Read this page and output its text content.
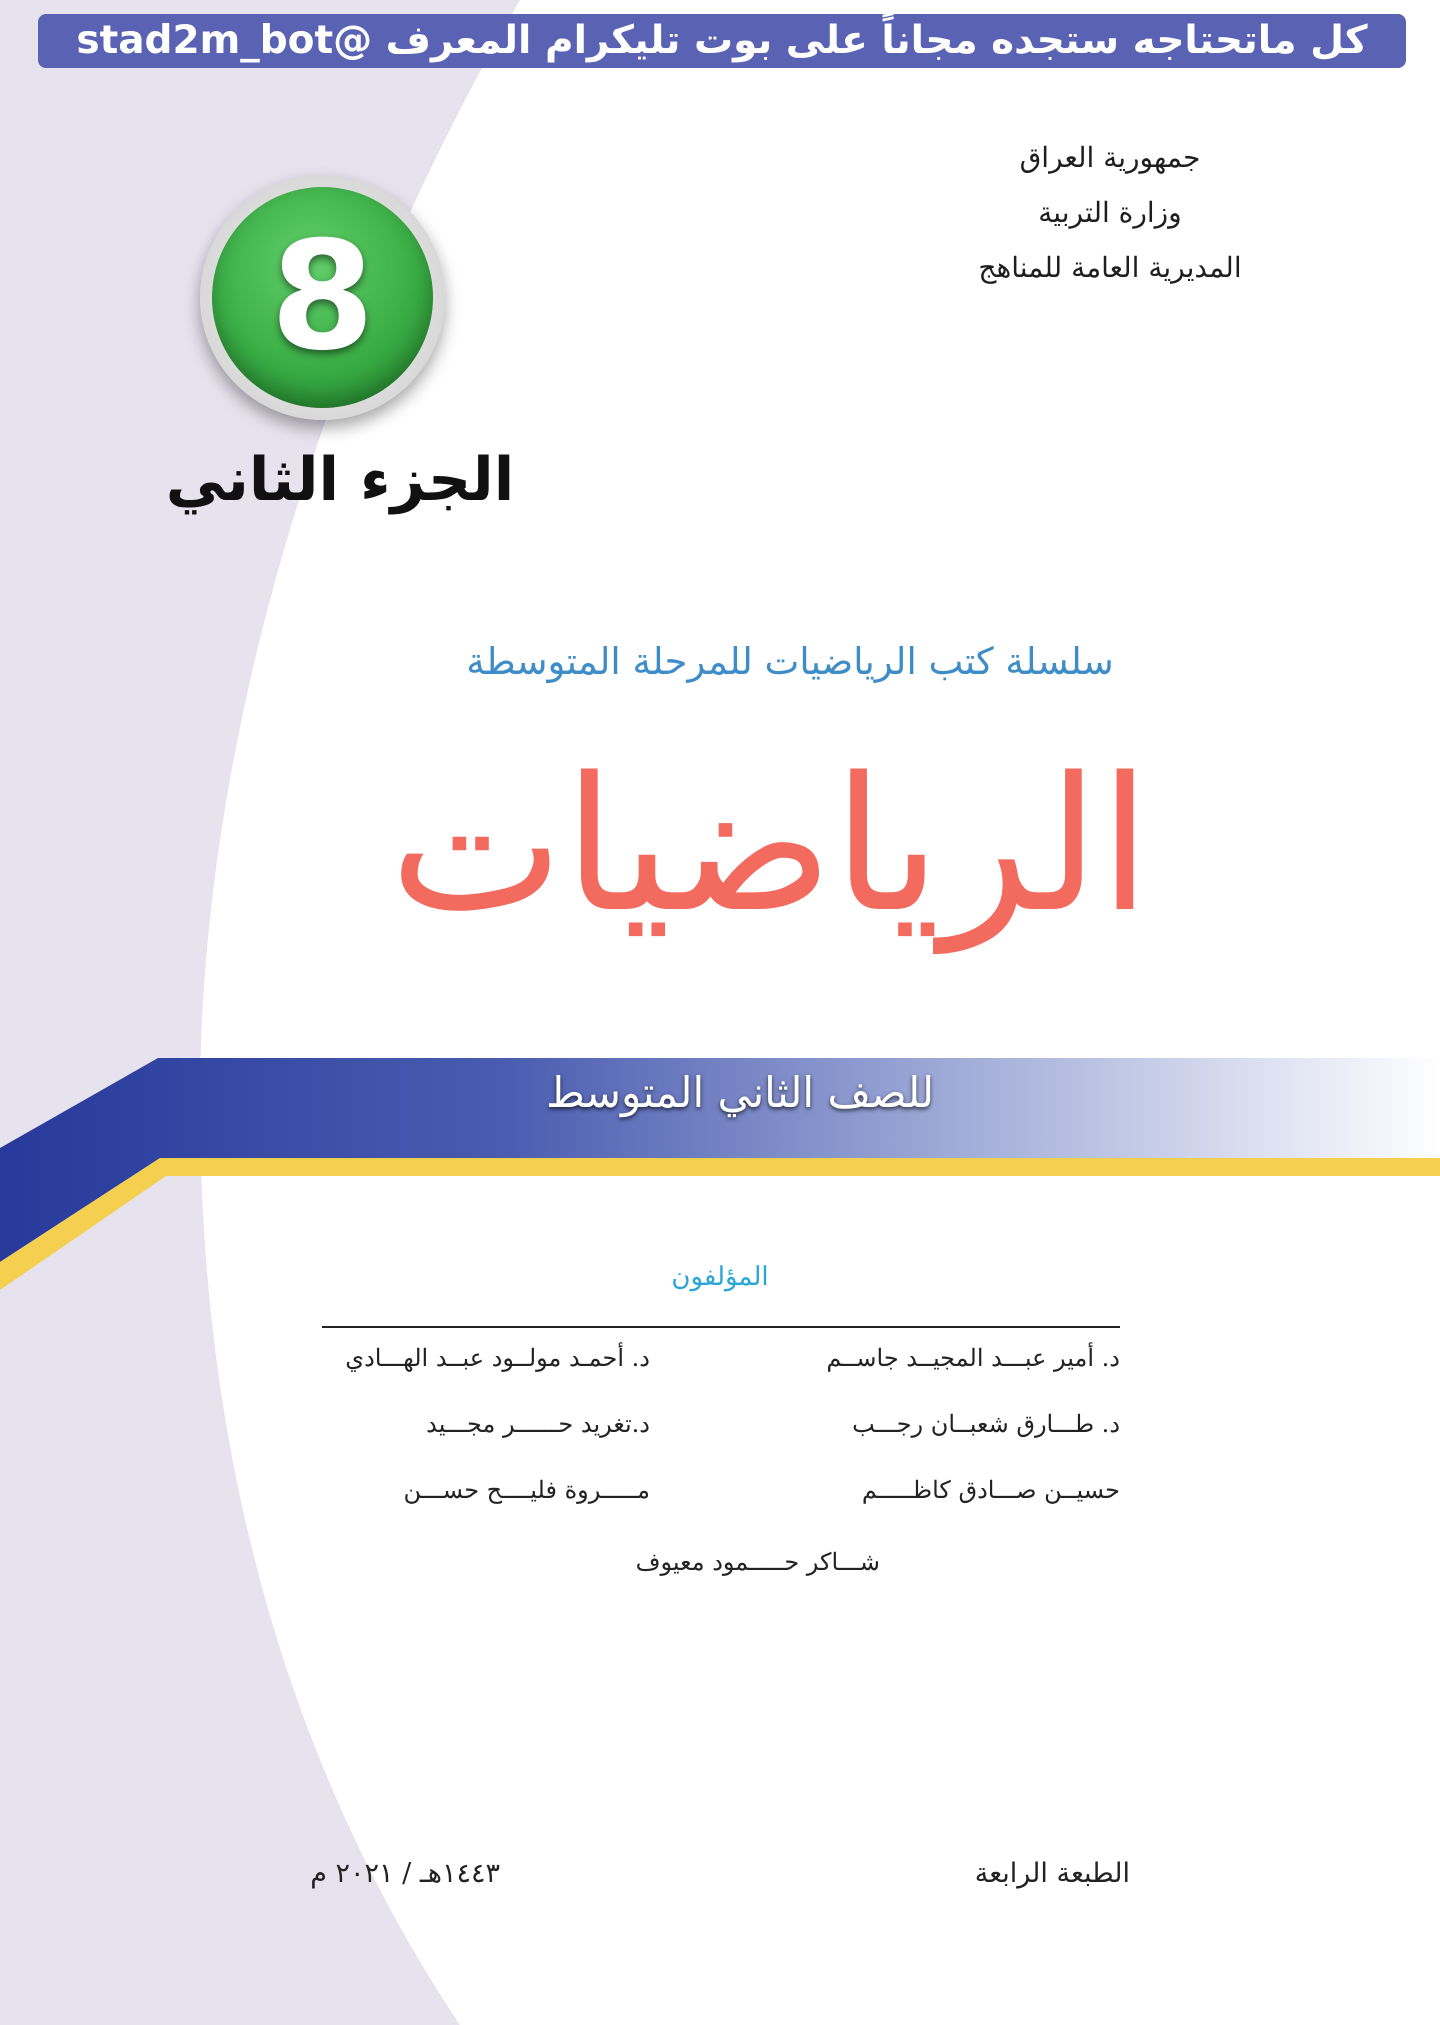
كل ماتحتاجه ستجده مجاناً على بوت تليكرام المعرف @stad2m_bot
جمهورية العراق
وزارة التربية
المديرية العامة للمناهج
8
الجزء الثاني
سلسلة كتب الرياضيات للمرحلة المتوسطة
الرياضيات
للصف الثاني المتوسط
المؤلفون
د. أمير عبـــد المجيــد جاســم
د. أحمـد مولــود عبــد الهـــادي
د. طـــارق شعبــان رجـــب
د.تغريد حــــــر مجـــيد
حسيــن صـــادق كاظـــــم
مـــــروة فليــــح حســـن
شـــاكر حـــــمود معيوف
الطبعة الرابعة
١٤٤٣هـ / ٢٠٢١ م
